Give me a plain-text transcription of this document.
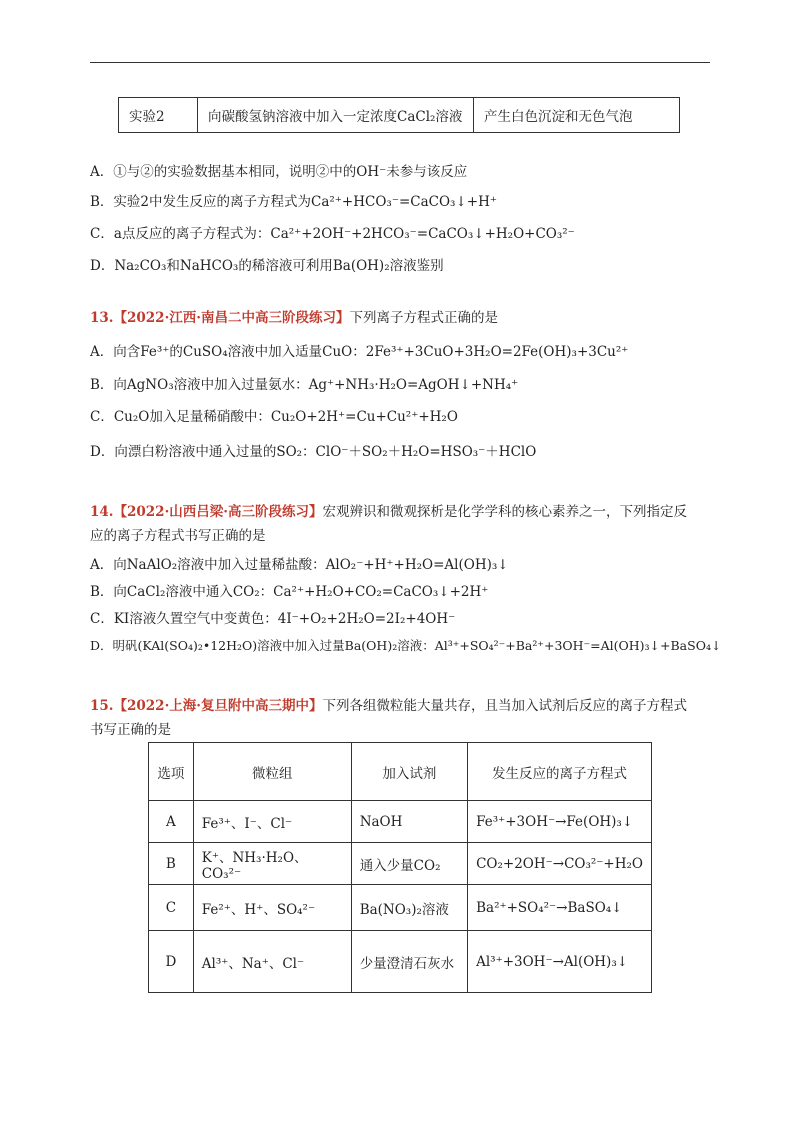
实验2	向碳酸氢钠溶液中加入一定浓度CaCl₂溶液	产生白色沉淀和无色气泡
A．①与②的实验数据基本相同，说明②中的OH⁻未参与该反应
B．实验2中发生反应的离子方程式为Ca²⁺+HCO₃⁻=CaCO₃↓+H⁺
C．a点反应的离子方程式为：Ca²⁺+2OH⁻+2HCO₃⁻=CaCO₃↓+H₂O+CO₃²⁻
D．Na₂CO₃和NaHCO₃的稀溶液可利用Ba(OH)₂溶液鉴别
13.【2022·江西·南昌二中高三阶段练习】下列离子方程式正确的是
A．向含Fe³⁺的CuSO₄溶液中加入适量CuO：2Fe³⁺+3CuO+3H₂O=2Fe(OH)₃+3Cu²⁺
B．向AgNO₃溶液中加入过量氨水：Ag⁺+NH₃·H₂O=AgOH↓+NH₄⁺
C．Cu₂O加入足量稀硝酸中：Cu₂O+2H⁺=Cu+Cu²⁺+H₂O
D．向漂白粉溶液中通入过量的SO₂：ClO⁻＋SO₂＋H₂O=HSO₃⁻＋HClO
14.【2022·山西吕梁·高三阶段练习】宏观辨识和微观探析是化学学科的核心素养之一，下列指定反
应的离子方程式书写正确的是
A．向NaAlO₂溶液中加入过量稀盐酸：AlO₂⁻+H⁺+H₂O=Al(OH)₃↓
B．向CaCl₂溶液中通入CO₂：Ca²⁺+H₂O+CO₂=CaCO₃↓+2H⁺
C．KI溶液久置空气中变黄色：4I⁻+O₂+2H₂O=2I₂+4OH⁻
D．明矾(KAl(SO₄)₂•12H₂O)溶液中加入过量Ba(OH)₂溶液：Al³⁺+SO₄²⁻+Ba²⁺+3OH⁻=Al(OH)₃↓+BaSO₄↓
15.【2022·上海·复旦附中高三期中】下列各组微粒能大量共存，且当加入试剂后反应的离子方程式
书写正确的是
选项	微粒组	加入试剂	发生反应的离子方程式
A	Fe³⁺、I⁻、Cl⁻	NaOH	Fe³⁺+3OH⁻→Fe(OH)₃↓
B	K⁺、NH₃·H₂O、CO₃²⁻	通入少量CO₂	CO₂+2OH⁻→CO₃²⁻+H₂O
C	Fe²⁺、H⁺、SO₄²⁻	Ba(NO₃)₂溶液	Ba²⁺+SO₄²⁻→BaSO₄↓
D	Al³⁺、Na⁺、Cl⁻	少量澄清石灰水	Al³⁺+3OH⁻→Al(OH)₃↓
